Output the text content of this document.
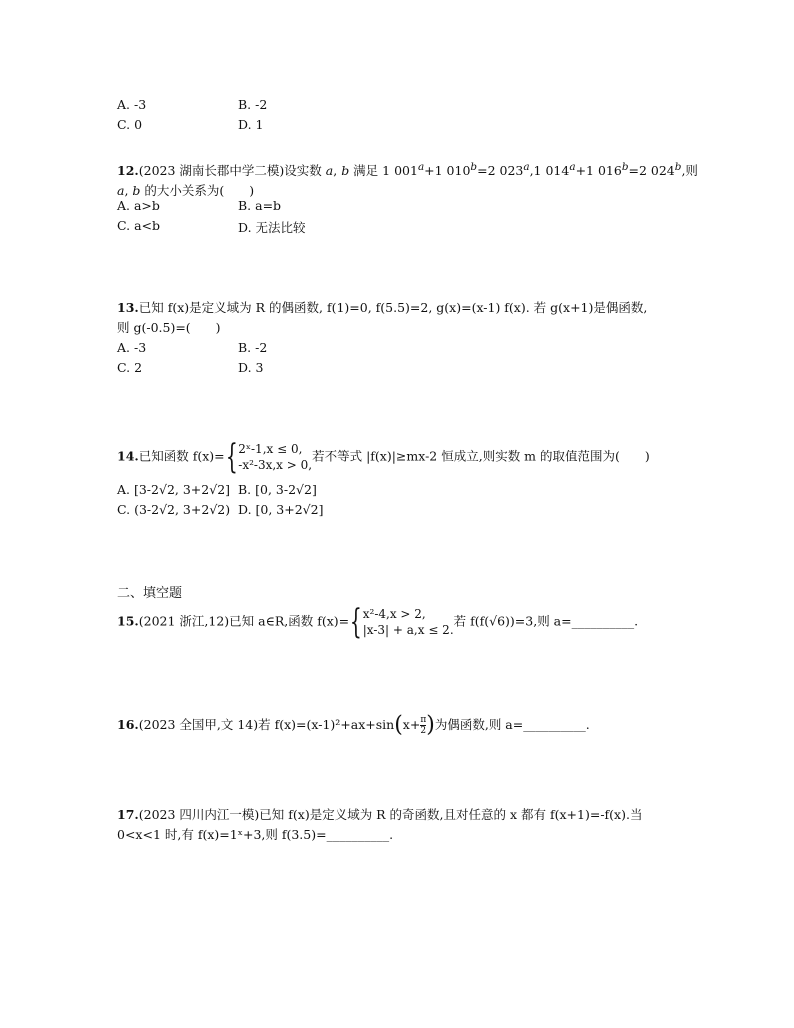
A. -3	B. -2
C. 0	D. 1
12.(2023 湖南长郡中学二模)设实数 a, b 满足 1 $001^a+1$ $010^b=2$ 023$^a$,1 $014^a+1$ $016^b=2$ 024$^b$,则
a, b 的大小关系为(　　)
A. a>b	B. a=b
C. a<b	D. 无法比较
13.已知 f(x)是定义域为 R 的偶函数, f(1)=0, f(5.5)=2, g(x)=(x-1) f(x). 若 g(x+1)是偶函数,
则 g(-0.5)=(　　)
A. -3	B. -2
C. 2	D. 3
14.已知函数 f(x)= { 2ˣ-1,x ≤ 0,
-x²-3x,x > 0,
若不等式 |f(x)|≥mx-2 恒成立,则实数 m 的取值范围为(　　)
A. [3-2√2, 3+2√2] B. [0, 3-2√2]
C. (3-2√2, 3+2√2) D. [0, 3+2√2]
二、填空题
15.(2021 浙江,12)已知 a∈R,函数 f(x)= { x²-4,x > 2,
|x-3| + a,x ≤ 2.
若 f(f(√6))=3,则 a=__________.
16.(2023 全国甲,文 14)若 $f(x)=(x-1)^2+ax+\sin(x+ \frac{\pi}{2}$ )为偶函数,则 a=__________.
17.(2023 四川内江一模)已知 f(x)是定义域为 R 的奇函数,且对任意的 x 都有 f(x+1)=-f(x).当
0<x<1 时,有 f(x)=1ˣ+3,则 f(3.5)=__________.
